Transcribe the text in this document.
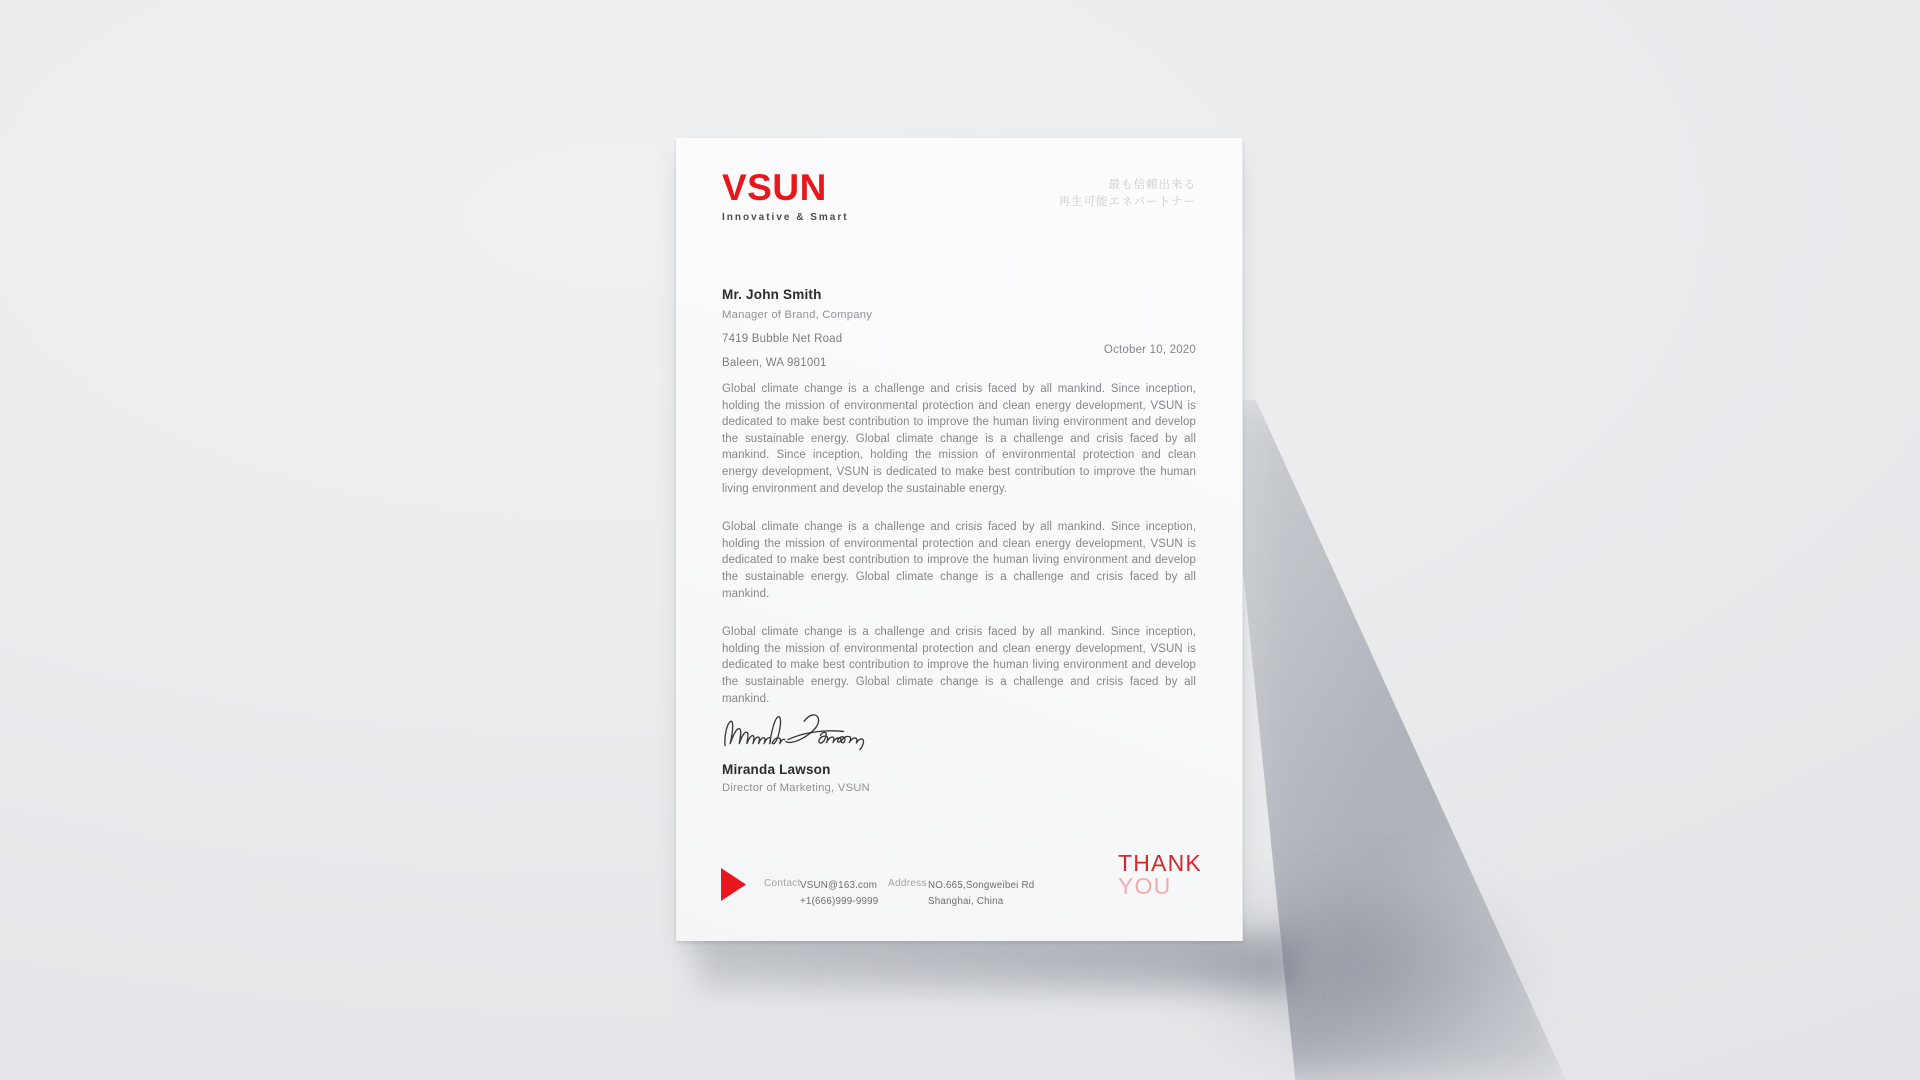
VSUN
Innovative & Smart
最も信頼出来る
再生可能エネパートナー
Mr. John Smith
Manager of Brand, Company
7419 Bubble Net Road
Baleen, WA 981001
October 10, 2020

Global climate change is a challenge and crisis faced by all mankind. Since inception, holding the mission of environmental protection and clean energy development, VSUN is dedicated to make best contribution to improve the human living environment and develop the sustainable energy. Global climate change is a challenge and crisis faced by all mankind. Since inception, holding the mission of environmental protection and clean energy development, VSUN is dedicated to make best contribution to improve the human living environment and develop the sustainable energy.

Global climate change is a challenge and crisis faced by all mankind. Since inception, holding the mission of environmental protection and clean energy development, VSUN is dedicated to make best contribution to improve the human living environment and develop the sustainable energy. Global climate change is a challenge and crisis faced by all mankind.

Global climate change is a challenge and crisis faced by all mankind. Since inception, holding the mission of environmental protection and clean energy development, VSUN is dedicated to make best contribution to improve the human living environment and develop the sustainable energy. Global climate change is a challenge and crisis faced by all mankind.

Miranda Lawson
Director of Marketing, VSUN
Contact VSUN@163.com
+1(666)999-9999
Address NO.665,Songweibei Rd
Shanghai, China
THANK
YOU
